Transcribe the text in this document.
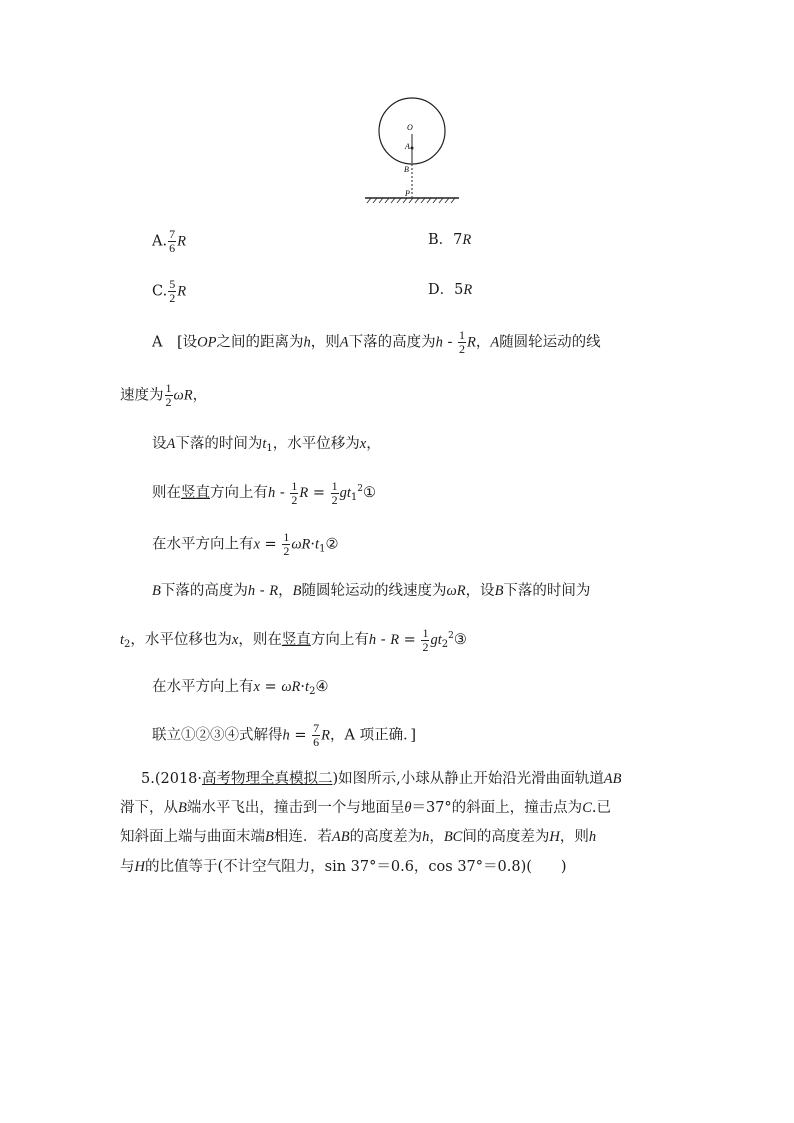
O
A
B
P
A. $\frac{7}{6}$ R	B．7R
C. $\frac{5}{2}$ R	D．5R
A　[设OP之间的距离为h，则A下落的高度为h - $\frac{1}{2}$ R，A随圆轮运动的线
速度为 $\frac{1}{2}$ ωR，
设A下落的时间为$t_1$，水平位移为x，
则在竖直方向上有h - $\frac{1}{2}$ $R = \frac{1}{2}$ $gt_1^2①$
在水平方向上有$x = \frac{1}{2}$ $\omega R\cdot t_1②$
B下落的高度为h - R，B随圆轮运动的线速度为ωR，设B下落的时间为
$t_2$，水平位移也为x，则在竖直方向上有$h - R = \frac{1}{2}$ $gt_2^2③$
在水平方向上有$x = \omega R\cdot t_2④$
联立①②③④式解得$h = \frac{7}{6}$ R，A 项正确．]
5.(2018·高考物理全真模拟二)如图所示,小球从静止开始沿光滑曲面轨道AB
滑下，从B端水平飞出，撞击到一个与地面呈θ＝37°的斜面上，撞击点为C.已
知斜面上端与曲面末端B相连．若AB的高度差为h，BC间的高度差为H，则h
与H的比值等于(不计空气阻力，sin 37°＝0.6，cos 37°＝0.8)(　　)
